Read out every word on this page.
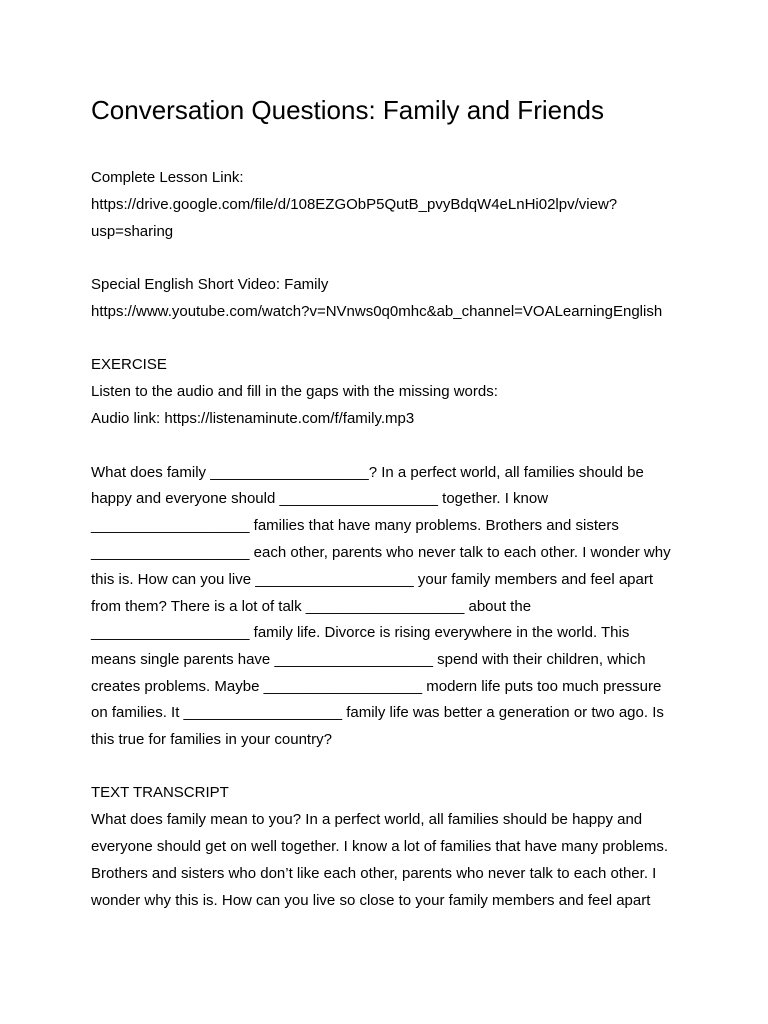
Conversation Questions: Family and Friends
Complete Lesson Link:
https://drive.google.com/file/d/108EZGObP5QutB_pvyBdqW4eLnHi02lpv/view?
usp=sharing
Special English Short Video: Family
https://www.youtube.com/watch?v=NVnws0q0mhc&ab_channel=VOALearningEnglish
EXERCISE
Listen to the audio and fill in the gaps with the missing words:
Audio link: https://listenaminute.com/f/family.mp3
What does family ___________________? In a perfect world, all families should be
happy and everyone should ___________________ together. I know
___________________ families that have many problems. Brothers and sisters
___________________ each other, parents who never talk to each other. I wonder why
this is. How can you live ___________________ your family members and feel apart
from them? There is a lot of talk ___________________ about the
___________________ family life. Divorce is rising everywhere in the world. This
means single parents have ___________________ spend with their children, which
creates problems. Maybe ___________________ modern life puts too much pressure
on families. It ___________________ family life was better a generation or two ago. Is
this true for families in your country?
TEXT TRANSCRIPT
What does family mean to you? In a perfect world, all families should be happy and
everyone should get on well together. I know a lot of families that have many problems.
Brothers and sisters who don’t like each other, parents who never talk to each other. I
wonder why this is. How can you live so close to your family members and feel apart
